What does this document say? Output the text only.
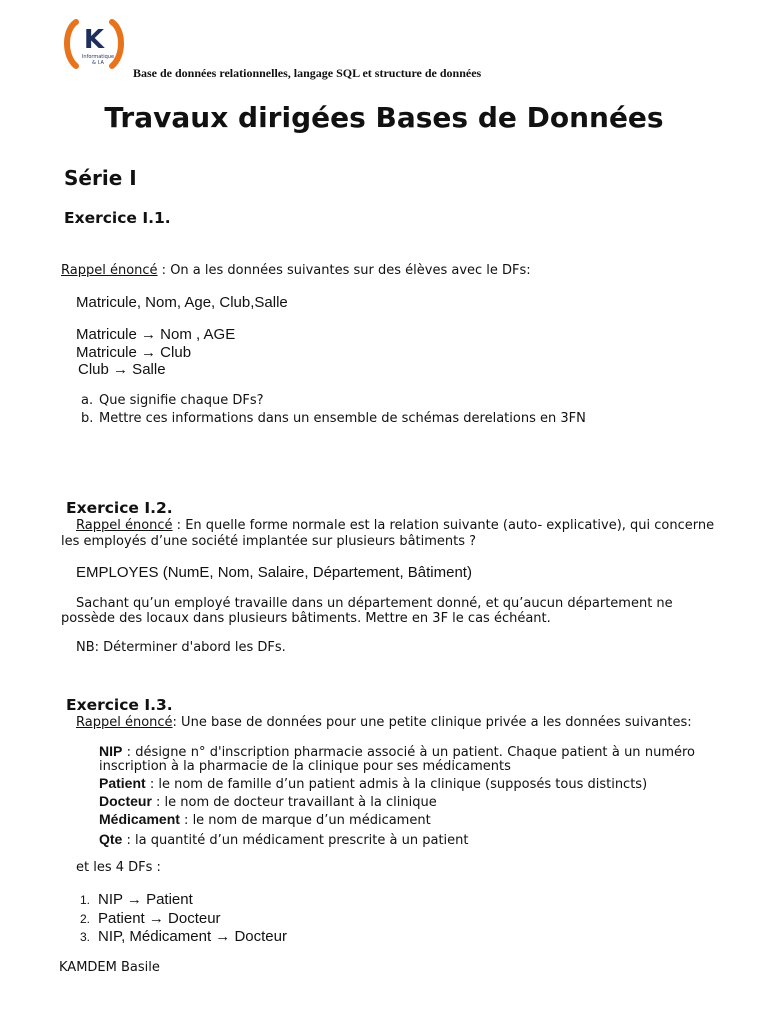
K
Informatique
& I.A
Base de données relationnelles, langage SQL et structure de données
Travaux dirigées Bases de Données
Série I
Exercice I.1.
Rappel énoncé : On a les données suivantes sur des élèves avec le DFs:
Matricule, Nom, Age, Club,Salle
Matricule → Nom , AGE
Matricule → Club
Club → Salle
a. Que signifie chaque DFs?
b. Mettre ces informations dans un ensemble de schémas derelations en 3FN
Exercice I.2.
Rappel énoncé : En quelle forme normale est la relation suivante (auto- explicative), qui concerne
les employés d’une société implantée sur plusieurs bâtiments ?
EMPLOYES (NumE, Nom, Salaire, Département, Bâtiment)
Sachant qu’un employé travaille dans un département donné, et qu’aucun département ne
possède des locaux dans plusieurs bâtiments. Mettre en 3F le cas échéant.
NB: Déterminer d'abord les DFs.
Exercice I.3.
Rappel énoncé: Une base de données pour une petite clinique privée a les données suivantes:
NIP : désigne n° d'inscription pharmacie associé à un patient. Chaque patient à un numéro inscription à la pharmacie de la clinique pour ses médicaments
Patient : le nom de famille d’un patient admis à la clinique (supposés tous distincts)
Docteur : le nom de docteur travaillant à la clinique
Médicament : le nom de marque d’un médicament
Qte : la quantité d’un médicament prescrite à un patient
et les 4 DFs :
1. NIP → Patient
2. Patient → Docteur
3. NIP, Médicament → Docteur
KAMDEM Basile
